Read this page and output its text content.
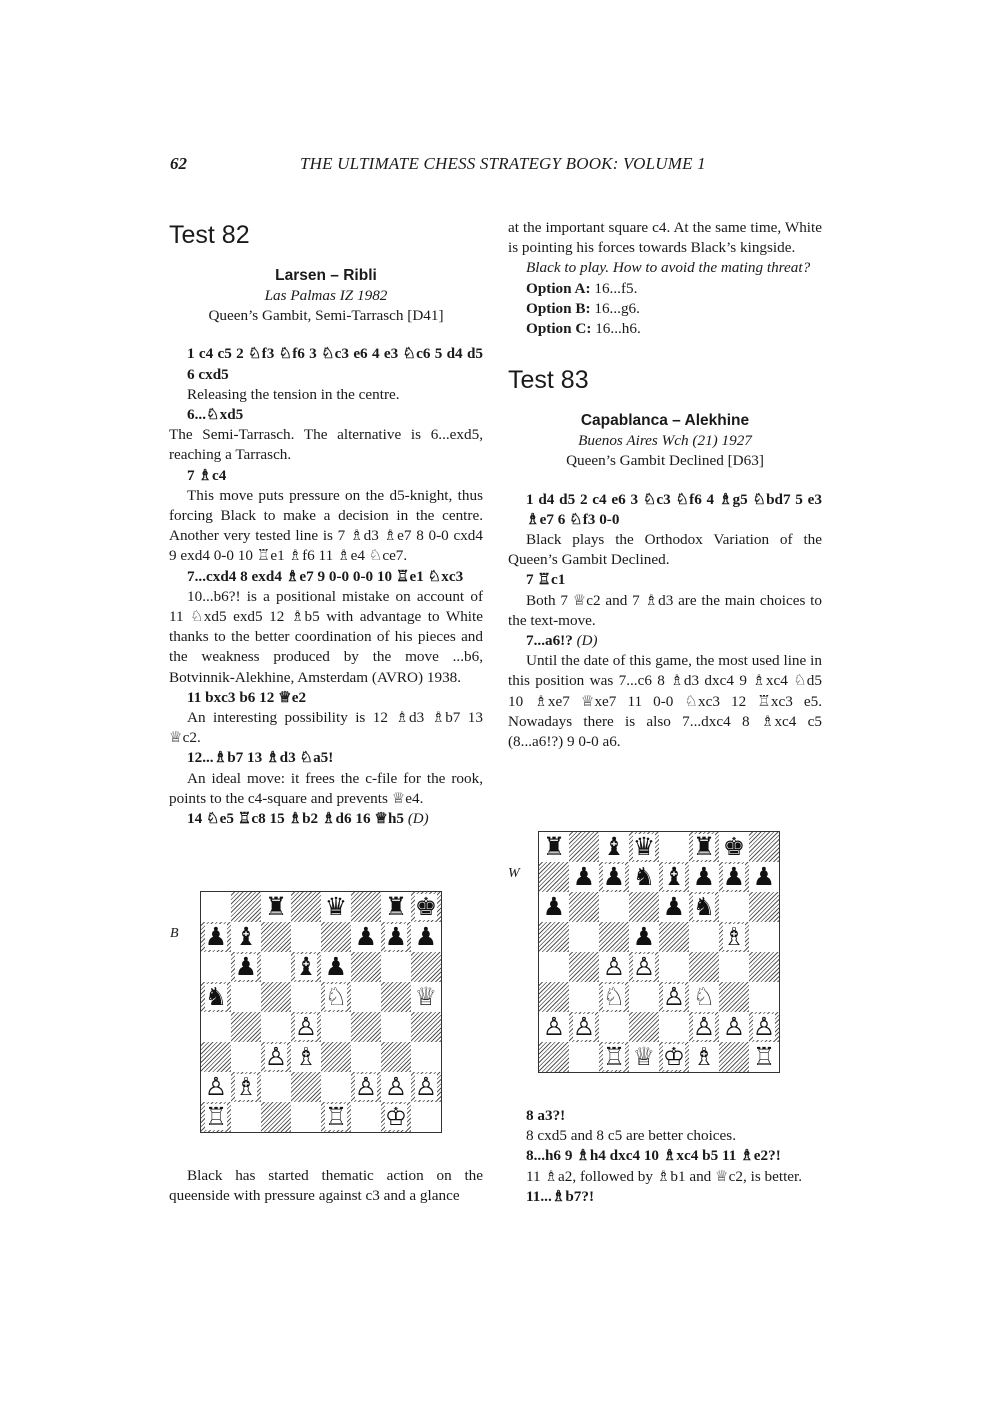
62	THE ULTIMATE CHESS STRATEGY BOOK: VOLUME 1
Test 82
Larsen – Ribli
Las Palmas IZ 1982
Queen’s Gambit, Semi-Tarrasch [D41]

1 c4 c5 2 ♘f3 ♘f6 3 ♘c3 e6 4 e3 ♘c6 5 d4 d5 6 cxd5

Releasing the tension in the centre.

6...♘xd5

The Semi-Tarrasch. The alternative is 6...exd5, reaching a Tarrasch.

7 ♗c4

This move puts pressure on the d5-knight, thus forcing Black to make a decision in the centre. Another very tested line is 7 ♗d3 ♗e7 8 0-0 cxd4 9 exd4 0-0 10 ♖e1 ♗f6 11 ♗e4 ♘ce7.

7...cxd4 8 exd4 ♗e7 9 0-0 0-0 10 ♖e1 ♘xc3

10...b6?! is a positional mistake on account of 11 ♘xd5 exd5 12 ♗b5 with advantage to White thanks to the better coordination of his pieces and the weakness produced by the move ...b6, Botvinnik-Alekhine, Amsterdam (AVRO) 1938.

11 bxc3 b6 12 ♕e2

An interesting possibility is 12 ♗d3 ♗b7 13 ♕c2.

12...♗b7 13 ♗d3 ♘a5!

An ideal move: it frees the c-file for the rook, points to the c4-square and prevents ♕e4.

14 ♘e5 ♖c8 15 ♗b2 ♗d6 16 ♕h5 (D)

B
♜ ♛ ♜ ♚
♟ ♝	♟ ♟ ♟
♟ ♝ ♟
♞	♘	♕
♙
♙ ♗
♙ ♗	♙ ♙ ♙
♖	♖ ♔

Black has started thematic action on the queenside with pressure against c3 and a glance

at the important square c4. At the same time, White is pointing his forces towards Black’s kingside.

Black to play. How to avoid the mating threat?

Option A: 16...f5.

Option B: 16...g6.

Option C: 16...h6.

Test 83
Capablanca – Alekhine
Buenos Aires Wch (21) 1927
Queen’s Gambit Declined [D63]

1 d4 d5 2 c4 e6 3 ♘c3 ♘f6 4 ♗g5 ♘bd7 5 e3 ♗e7 6 ♘f3 0-0

Black plays the Orthodox Variation of the Queen’s Gambit Declined.

7 ♖c1

Both 7 ♕c2 and 7 ♗d3 are the main choices to the text-move.

7...a6!? (D)

Until the date of this game, the most used line in this position was 7...c6 8 ♗d3 dxc4 9 ♗xc4 ♘d5 10 ♗xe7 ♕xe7 11 0-0 ♘xc3 12 ♖xc3 e5. Nowadays there is also 7...dxc4 8 ♗xc4 c5 (8...a6!?) 9 0-0 a6.

W
♜ ♝ ♛ ♜ ♚
♟ ♟ ♞ ♝ ♟ ♟ ♟
♟	♟ ♞
♟	♗
♙ ♙
♘ ♙ ♘
♙ ♙	♙ ♙ ♙
♖ ♕ ♔ ♗ ♖

8 a3?!

8 cxd5 and 8 c5 are better choices.

8...h6 9 ♗h4 dxc4 10 ♗xc4 b5 11 ♗e2?!

11 ♗a2, followed by ♗b1 and ♕c2, is better.

11...♗b7?!
